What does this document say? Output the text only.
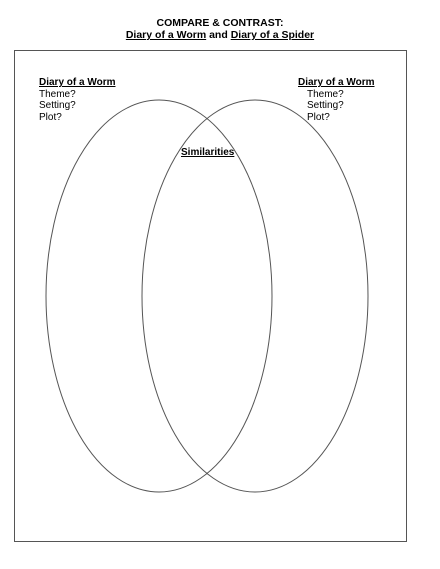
COMPARE & CONTRAST:
Diary of a Worm and Diary of a Spider
Diary of a Worm
Theme?
Setting?
Plot?
Diary of a Worm
Theme?
Setting?
Plot?
Similarities
